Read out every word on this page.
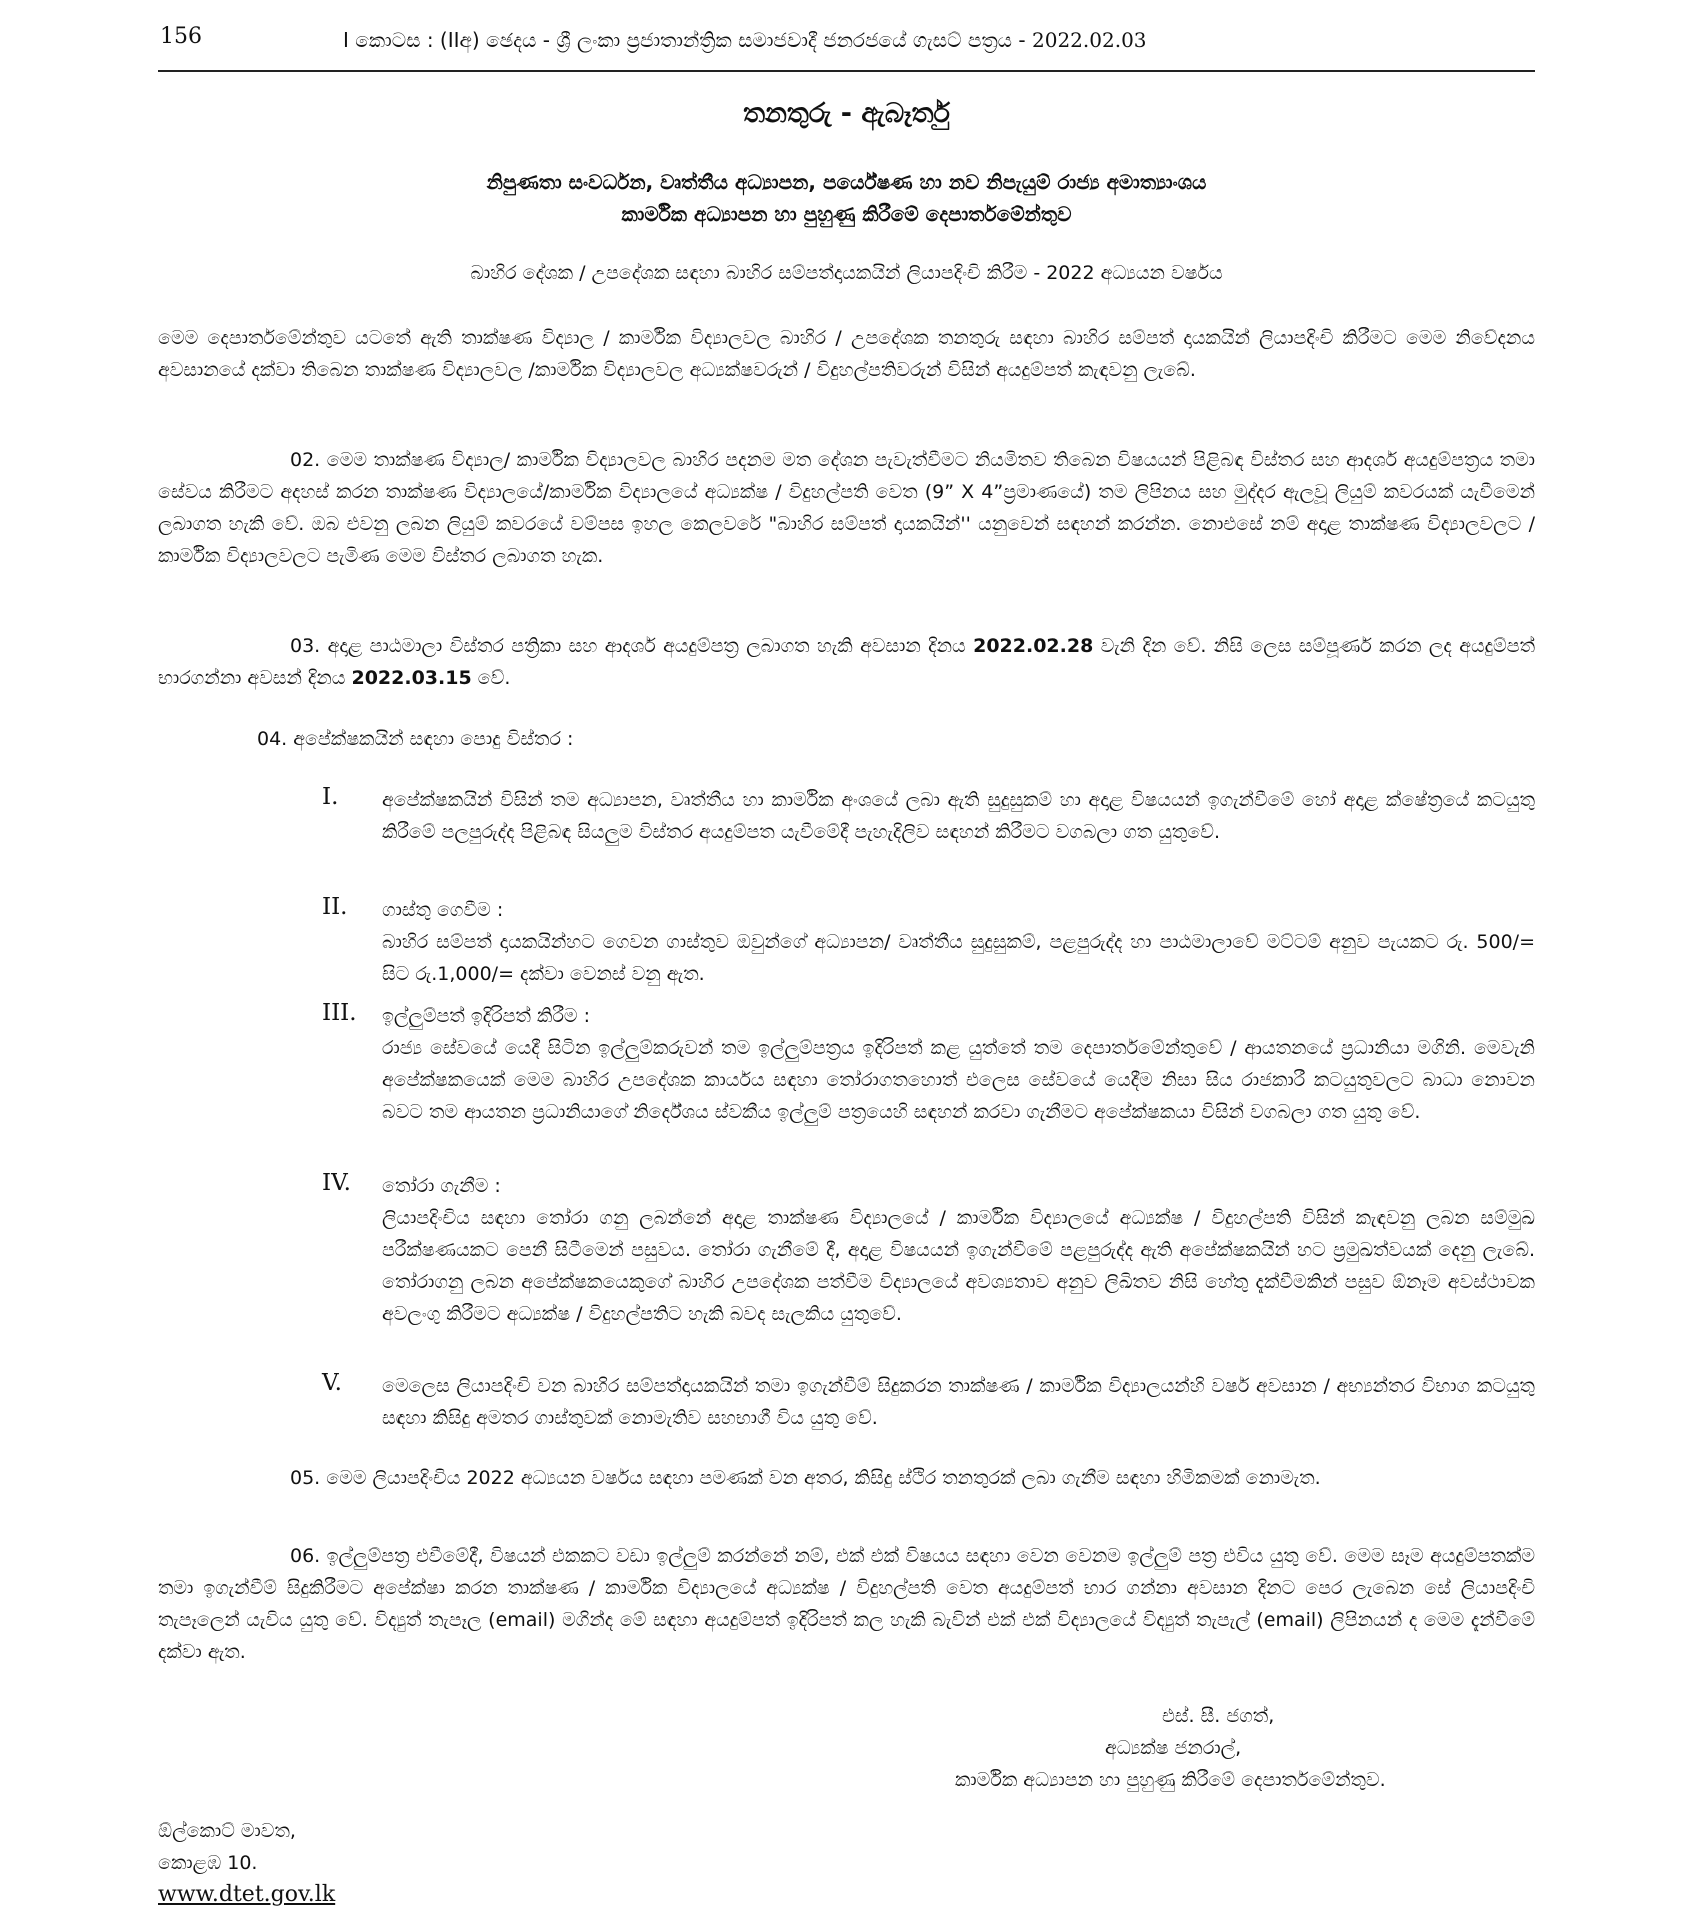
156	I කොටස : (IIඅ) ඡෙදය - ශ්‍රී ලංකා ප්‍රජාතාන්ත්‍රික සමාජවාදී ජනරජයේ ගැසට් පත්‍රය - 2022.02.03
තනතුරු - ඇබෑර්තු
නිපුණතා සංවර්ධන, වෘත්තීය අධ්‍යාපන, පර්යේෂණ හා නව නිපැයුම් රාජ්‍ය අමාත්‍යාංශය
කාර්මික අධ්‍යාපන හා පුහුණු කිරීමේ දෙපාර්තමේන්තුව
බාහිර දේශක / උපදේශක සඳහා බාහිර සම්පත්දායකයින් ලියාපදිංචි කිරීම - 2022 අධ්‍යයන වර්ෂය

මෙම දෙපාර්තමේන්තුව යටතේ ඇති තාක්ෂණ විද්‍යාල / කාර්මික විද්‍යාලවල බාහිර / උපදේශක තනතුරු සඳහා බාහිර සම්පත් දායකයින් ලියාපදිංචි කිරීමට මෙම නිවේදනය අවසානයේ දක්වා තිබෙන තාක්ෂණ විද්‍යාලවල /කාර්මික විද්‍යාලවල අධ්‍යක්ෂවරුන් / විදුහල්පතිවරුන් විසින් අයදුම්පත් කැඳවනු ලැබේ.

02. මෙම තාක්ෂණ විද්‍යාල/ කාර්මික විද්‍යාලවල බාහිර පදනම මත දේශන පැවැත්වීමට නියමිතව තිබෙන විෂයයන් පිළිබඳ විස්තර සහ ආදර්ශ අයදුම්පත්‍රය තමා සේවය කිරීමට අදහස් කරන තාක්ෂණ විද්‍යාලයේ/කාර්මික විද්‍යාලයේ අධ්‍යක්ෂ / විදුහල්පති වෙත (9” X 4”ප්‍රමාණයේ) තම ලිපිනය සහ මුද්දර ඇලවූ ලියුම් කවරයක් යැවීමෙන් ලබාගත හැකි වේ. ඔබ එවනු ලබන ලියුම් කවරයේ වම්පස ඉහල කෙලවරේ "බාහිර සම්පත් දායකයින්'' යනුවෙන් සඳහන් කරන්න. නොඑසේ නම් අදාළ තාක්ෂණ විද්‍යාලවලට / කාර්මික විද්‍යාලවලට පැමිණ මෙම විස්තර ලබාගත හැක.

03. අදාළ පාඨමාලා විස්තර පත්‍රිකා සහ ආදර්ශ අයදුම්පත්‍ර ලබාගත හැකි අවසාන දිනය 2022.02.28 වැනි දින වේ. නිසි ලෙස සම්පූර්ණ කරන ලද අයදුම්පත් භාරගන්නා අවසන් දිනය 2022.03.15 වේ.

04. අපේක්ෂකයින් සඳහා පොදු විස්තර :
I. අපේක්ෂකයින් විසින් තම අධ්‍යාපන, වෘත්තීය හා කාර්මික අංශයේ ලබා ඇති සුදුසුකම් හා අදාළ විෂයයන් ඉගැන්වීමේ හෝ අදාළ ක්ෂේත්‍රයේ කටයුතු කිරීමේ පලපුරුද්ද පිළිබඳ සියලුම විස්තර අයදුම්පත යැවීමේදී පැහැදිලිව සඳහන් කිරීමට වගබලා ගත යුතුවේ.
II. ගාස්තු ගෙවීම :
බාහිර සම්පත් දායකයින්හට ගෙවන ගාස්තුව ඔවුන්ගේ අධ්‍යාපන/ වෘත්තීය සුදුසුකම්, පළපුරුද්ද හා පාඨමාලාවේ මට්ටම් අනුව පැයකට රු. 500/= සිට රු.1,000/= දක්වා වෙනස් වනු ඇත.
III. ඉල්ලුම්පත් ඉදිරිපත් කිරීම :
රාජ්‍ය සේවයේ යෙදී සිටින ඉල්ලුම්කරුවන් තම ඉල්ලුම්පත්‍රය ඉදිරිපත් කළ යුත්තේ තම දෙපාර්තමේන්තුවේ / ආයතනයේ ප්‍රධානියා මගිනි. මෙවැනි අපේක්ෂකයෙක් මෙම බාහිර උපදේශක කාර්යය සඳහා තෝරාගතහොත් එලෙස සේවයේ යෙදීම නිසා සිය රාජකාරී කටයුතුවලට බාධා නොවන බවට තම ආයතන ප්‍රධානියාගේ නිර්දේශය ස්වකීය ඉල්ලුම් පත්‍රයෙහි සඳහන් කරවා ගැනීමට අපේක්ෂකයා විසින් වගබලා ගත යුතු වේ.
IV. තෝරා ගැනීම :
ලියාපදිංචිය සඳහා තෝරා ගනු ලබන්නේ අදාළ තාක්ෂණ විද්‍යාලයේ / කාර්මික විද්‍යාලයේ අධ්‍යක්ෂ / විදුහල්පති විසින් කැඳවනු ලබන සම්මුඛ පරීක්ෂණයකට පෙනී සිටීමෙන් පසුවය. තෝරා ගැනීමේ දී, අදාළ විෂයයන් ඉගැන්වීමේ පළපුරුද්ද ඇති අපේක්ෂකයින් හට ප්‍රමුඛත්වයක් දෙනු ලැබේ. තෝරාගනු ලබන අපේක්ෂකයෙකුගේ බාහිර උපදේශක පත්වීම විද්‍යාලයේ අවශ්‍යතාව අනුව ලිඛිතව නිසි හේතු දැක්වීමකින් පසුව ඕනෑම අවස්ථාවක අවලංගු කිරීමට අධ්‍යක්ෂ / විදුහල්පතිට හැකි බවද සැලකිය යුතුවේ.
V. මෙලෙස ලියාපදිංචි වන බාහිර සම්පත්දායකයින් තමා ඉගැන්වීම් සිදුකරන තාක්ෂණ / කාර්මික විද්‍යාලයන්හි වර්ෂ අවසාන / අභ්‍යන්තර විභාග කටයුතු සඳහා කිසිදු අමතර ගාස්තුවක් නොමැතිව සහභාගී විය යුතු වේ.

05. මෙම ලියාපදිංචිය 2022 අධ්‍යයන වර්ෂය සඳහා පමණක් වන අතර, කිසිදු ස්ථිර තනතුරක් ලබා ගැනීම සඳහා හිමිකමක් නොමැත.

06. ඉල්ලුම්පත්‍ර එවීමේදී, විෂයන් එකකට වඩා ඉල්ලුම් කරන්නේ නම්, එක් එක් විෂයය සඳහා වෙන වෙනම ඉල්ලුම් පත්‍ර එවිය යුතු වේ. මෙම සෑම අයදුම්පතක්ම තමා ඉගැන්වීම් සිදුකිරීමට අපේක්ෂා කරන තාක්ෂණ / කාර්මික විද්‍යාලයේ අධ්‍යක්ෂ / විදුහල්පති වෙත අයදුම්පත් භාර ගන්නා අවසාන දිනට පෙර ලැබෙන සේ ලියාපදිංචි තැපෑලෙන් යැවිය යුතු වේ. විද්‍යුත් තැපෑල (email) මගින්ද මේ සඳහා අයදුම්පත් ඉදිරිපත් කල හැකි බැවින් එක් එක් විද්‍යාලයේ විද්‍යුත් තැපැල් (email) ලිපිනයන් ද මෙම දැන්වීමේ දක්වා ඇත.

එස්. සී. ජගත්,
අධ්‍යක්ෂ ජනරාල්,
කාර්මික අධ්‍යාපන හා පුහුණු කිරීමේ දෙපාර්තමේන්තුව.
ඕල්කොට් මාවත,
කොළඹ 10.
www.dtet.gov.lk
